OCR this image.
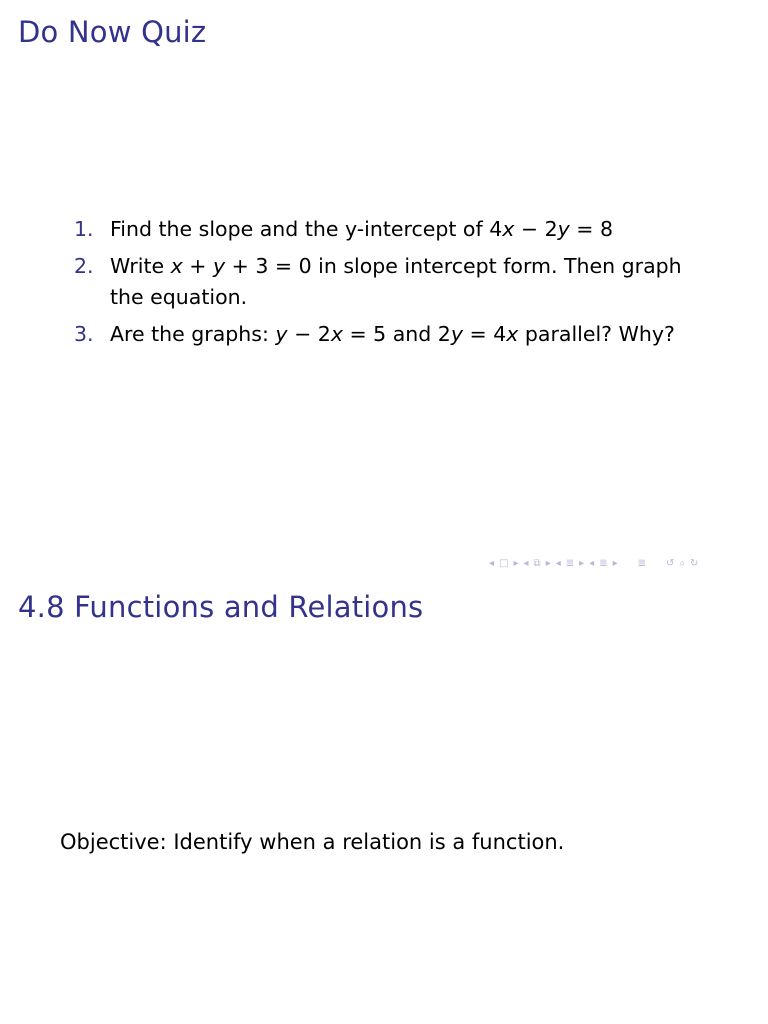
Do Now Quiz
1. Find the slope and the y-intercept of 4x − 2y = 8
2. Write x + y + 3 = 0 in slope intercept form. Then graph the equation.
3. Are the graphs: y − 2x = 5 and 2y = 4x parallel? Why?
◂ □ ▸ ◂ ⧉ ▸ ◂ ≣ ▸ ◂ ≣ ▸ ≣ ↺ ⌕ ↻
4.8 Functions and Relations

Objective: Identify when a relation is a function.
